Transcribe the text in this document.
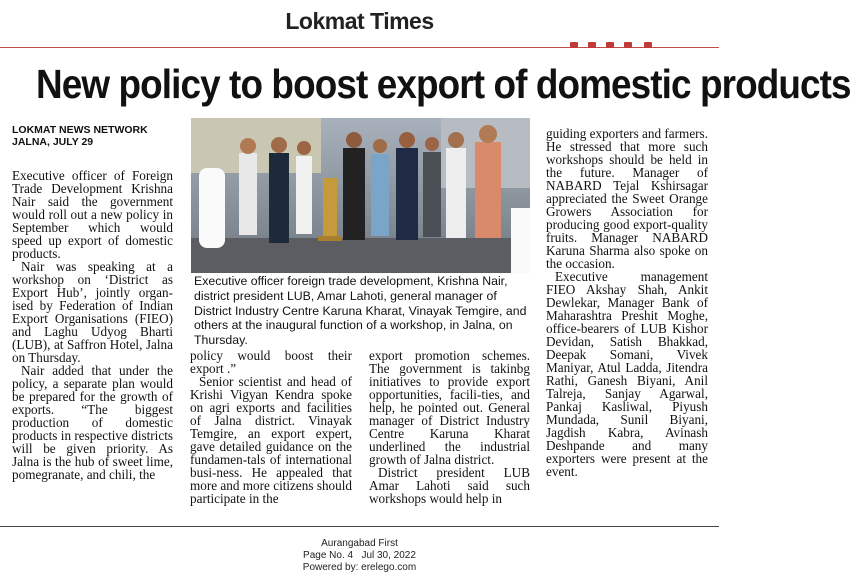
Lokmat Times
New policy to boost export of domestic products
LOKMAT NEWS NETWORK
JALNA, JULY 29

Executive officer of Foreign Trade Development Krishna Nair said the government would roll out a new policy in September which would speed up export of domestic products.

Nair was speaking at a workshop on ‘District as Export Hub’, jointly organ-ised by Federation of Indian Export Organisations (FIEO) and Laghu Udyog Bharti (LUB), at Saffron Hotel, Jalna on Thursday.

Nair added that under the policy, a separate plan would be prepared for the growth of exports. “The biggest production of domestic products in respective districts will be given priority. As Jalna is the hub of sweet lime, pomegranate, and chili, the

Executive officer foreign trade development, Krishna Nair, district president LUB, Amar Lahoti, general manager of District Industry Centre Karuna Kharat, Vinayak Temgire, and others at the inaugural function of a workshop, in Jalna, on Thursday.

policy would boost their export .”

Senior scientist and head of Krishi Vigyan Kendra spoke on agri exports and facilities of Jalna district. Vinayak Temgire, an export expert, gave detailed guidance on the fundamen-tals of international busi-ness. He appealed that more and more citizens should participate in the

export promotion schemes. The government is takinbg initiatives to provide export opportunities, facili-ties, and help, he pointed out. General manager of District Industry Centre Karuna Kharat underlined the industrial growth of Jalna district.

District president LUB Amar Lahoti said such workshops would help in

guiding exporters and farmers. He stressed that more such workshops should be held in the future. Manager of NABARD Tejal Kshirsagar appreciated the Sweet Orange Growers Association for producing good export-quality fruits. Manager NABARD Karuna Sharma also spoke on the occasion.

Executive management FIEO Akshay Shah, Ankit Dewlekar, Manager Bank of Maharashtra Preshit Moghe, office-bearers of LUB Kishor Devidan, Satish Bhakkad, Deepak Somani, Vivek Maniyar, Atul Ladda, Jitendra Rathi, Ganesh Biyani, Anil Talreja, Sanjay Agarwal, Pankaj Kasliwal, Piyush Mundada, Sunil Biyani, Jagdish Kabra, Avinash Deshpande and many exporters were present at the event.

Aurangabad First
Page No. 4 Jul 30, 2022
Powered by: erelego.com
